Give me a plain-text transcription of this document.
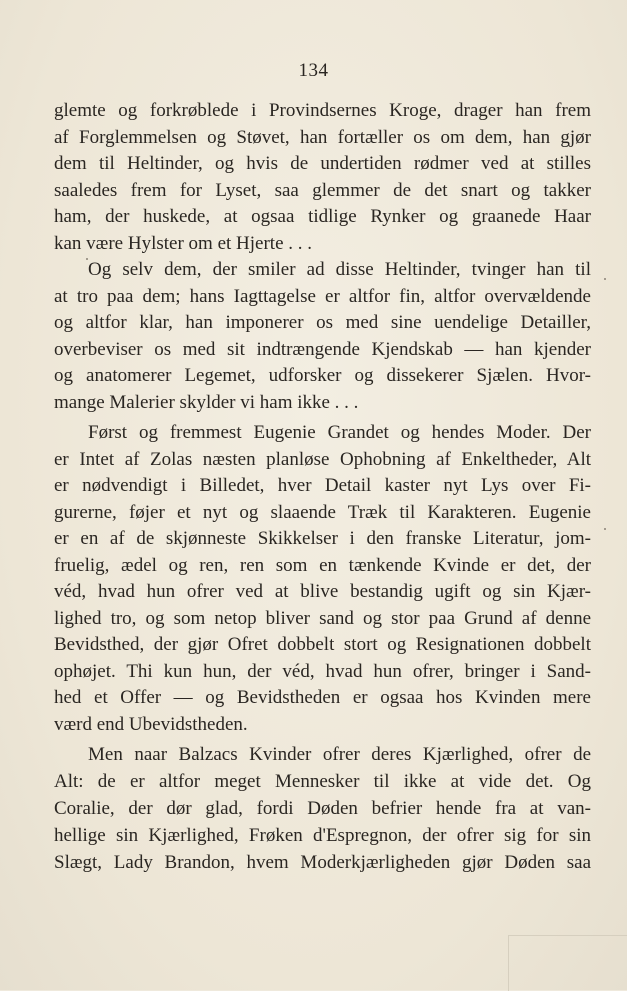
134
glemte og forkrøblede i Provindsernes Kroge, drager han frem
af Forglemmelsen og Støvet, han fortæller os om dem, han gjør
dem til Heltinder, og hvis de undertiden rødmer ved at stilles
saaledes frem for Lyset, saa glemmer de det snart og takker
ham, der huskede, at ogsaa tidlige Rynker og graanede Haar
kan være Hylster om et Hjerte . . .
Og selv dem, der smiler ad disse Heltinder, tvinger han til
at tro paa dem; hans Iagttagelse er altfor fin, altfor overvældende
og altfor klar, han imponerer os med sine uendelige Detailler,
overbeviser os med sit indtrængende Kjendskab — han kjender
og anatomerer Legemet, udforsker og dissekerer Sjælen. Hvor-
mange Malerier skylder vi ham ikke . . .
Først og fremmest Eugenie Grandet og hendes Moder. Der
er Intet af Zolas næsten planløse Ophobning af Enkeltheder, Alt
er nødvendigt i Billedet, hver Detail kaster nyt Lys over Fi-
gurerne, føjer et nyt og slaaende Træk til Karakteren. Eugenie
er en af de skjønneste Skikkelser i den franske Literatur, jom-
fruelig, ædel og ren, ren som en tænkende Kvinde er det, der
véd, hvad hun ofrer ved at blive bestandig ugift og sin Kjær-
lighed tro, og som netop bliver sand og stor paa Grund af denne
Bevidsthed, der gjør Ofret dobbelt stort og Resignationen dobbelt
ophøjet. Thi kun hun, der véd, hvad hun ofrer, bringer i Sand-
hed et Offer — og Bevidstheden er ogsaa hos Kvinden mere
værd end Ubevidstheden.
Men naar Balzacs Kvinder ofrer deres Kjærlighed, ofrer de
Alt: de er altfor meget Mennesker til ikke at vide det. Og
Coralie, der dør glad, fordi Døden befrier hende fra at van-
hellige sin Kjærlighed, Frøken d'Espregnon, der ofrer sig for sin
Slægt, Lady Brandon, hvem Moderkjærligheden gjør Døden saa
